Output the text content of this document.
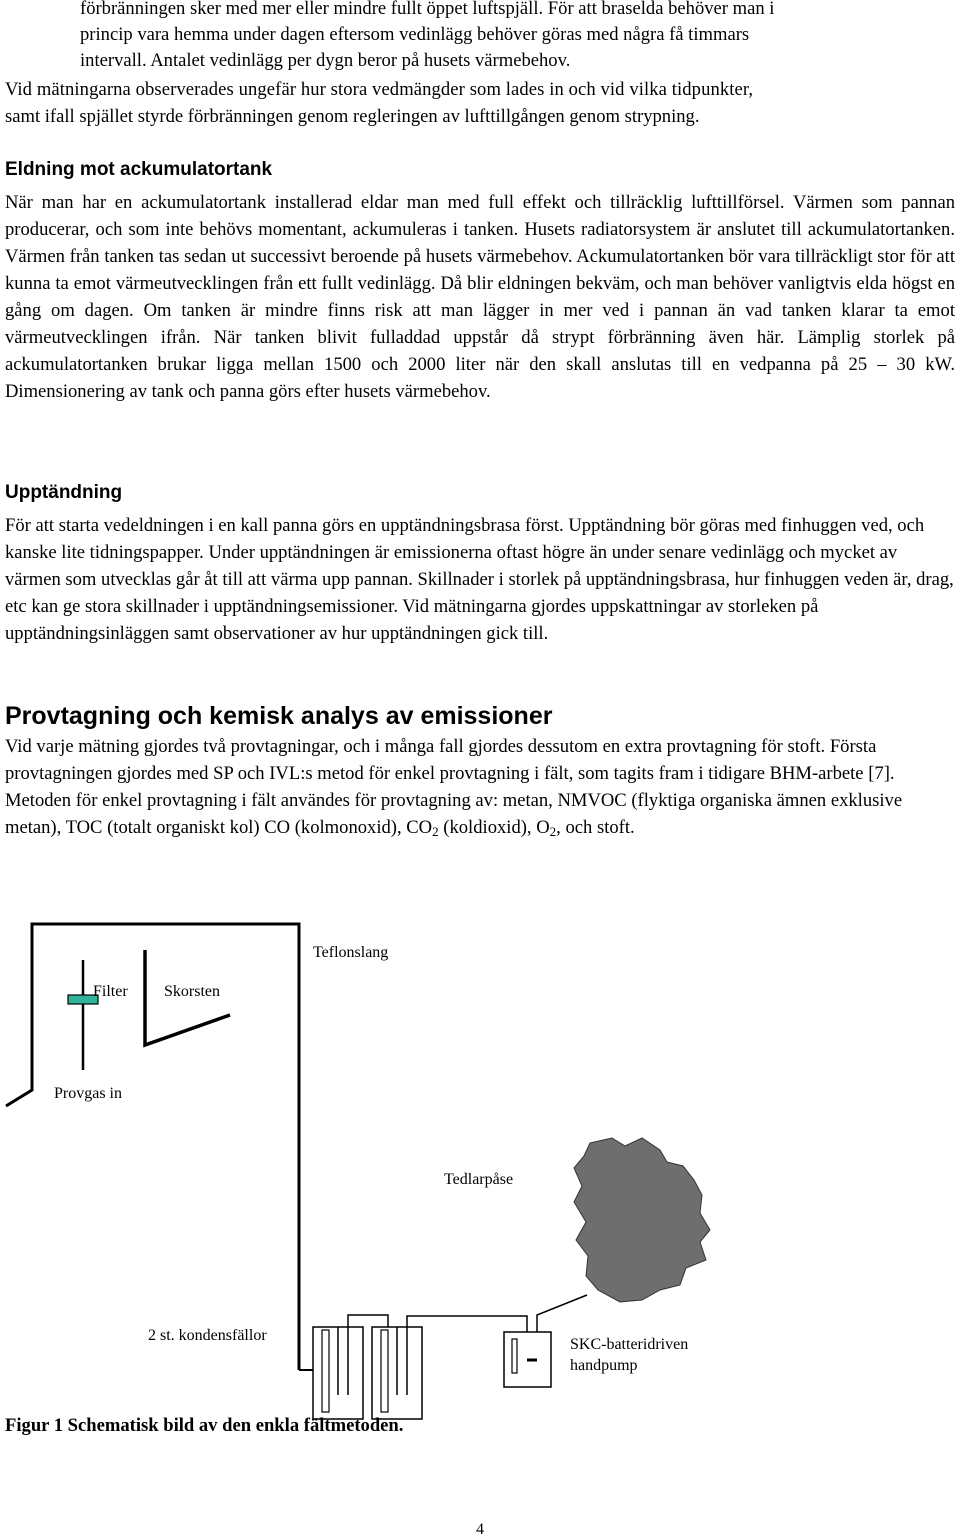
förbränningen sker med mer eller mindre fullt öppet luftspjäll. För att braselda behöver man i

princip vara hemma under dagen eftersom vedinlägg behöver göras med några få timmars

intervall. Antalet vedinlägg per dygn beror på husets värmebehov.

Vid mätningarna observerades ungefär hur stora vedmängder som lades in och vid vilka tidpunkter,

samt ifall spjället styrde förbränningen genom regleringen av lufttillgången genom strypning.

Eldning mot ackumulatortank

När man har en ackumulatortank installerad eldar man med full effekt och tillräcklig lufttillförsel. Värmen som pannan producerar, och som inte behövs momentant, ackumuleras i tanken. Husets radiatorsystem är anslutet till ackumulatortanken. Värmen från tanken tas sedan ut successivt beroende på husets värmebehov. Ackumulatortanken bör vara tillräckligt stor för att kunna ta emot värmeutvecklingen från ett fullt vedinlägg. Då blir eldningen bekväm, och man behöver vanligtvis elda högst en gång om dagen. Om tanken är mindre finns risk att man lägger in mer ved i pannan än vad tanken klarar ta emot värmeutvecklingen ifrån. När tanken blivit fulladdad uppstår då strypt förbränning även här. Lämplig storlek på ackumulatortanken brukar ligga mellan 1500 och 2000 liter när den skall anslutas till en vedpanna på 25 – 30 kW. Dimensionering av tank och panna görs efter husets värmebehov.

Upptändning

För att starta vedeldningen i en kall panna görs en upptändningsbrasa först. Upptändning bör göras med finhuggen ved, och kanske lite tidningspapper. Under upptändningen är emissionerna oftast högre än under senare vedinlägg och mycket av värmen som utvecklas går åt till att värma upp pannan. Skillnader i storlek på upptändningsbrasa, hur finhuggen veden är, drag, etc kan ge stora skillnader i upptändningsemissioner. Vid mätningarna gjordes uppskattningar av storleken på upptändningsinläggen samt observationer av hur upptändningen gick till.

Provtagning och kemisk analys av emissioner

Vid varje mätning gjordes två provtagningar, och i många fall gjordes dessutom en extra provtagning för stoft. Första provtagningen gjordes med SP och IVL:s metod för enkel provtagning i fält, som tagits fram i tidigare BHM-arbete [7]. Metoden för enkel provtagning i fält användes för provtagning av: metan, NMVOC (flyktiga organiska ämnen exklusive metan), TOC (totalt organiskt kol) CO (kolmonoxid), $CO_2$ (koldioxid), $O_2$, och stoft.

Teflonslang
Filter Skorsten
Provgas in
Tedlarpåse
2 st. kondensfällor
SKC-batteridriven
handpump

Figur 1 Schematisk bild av den enkla fältmetoden.

4
